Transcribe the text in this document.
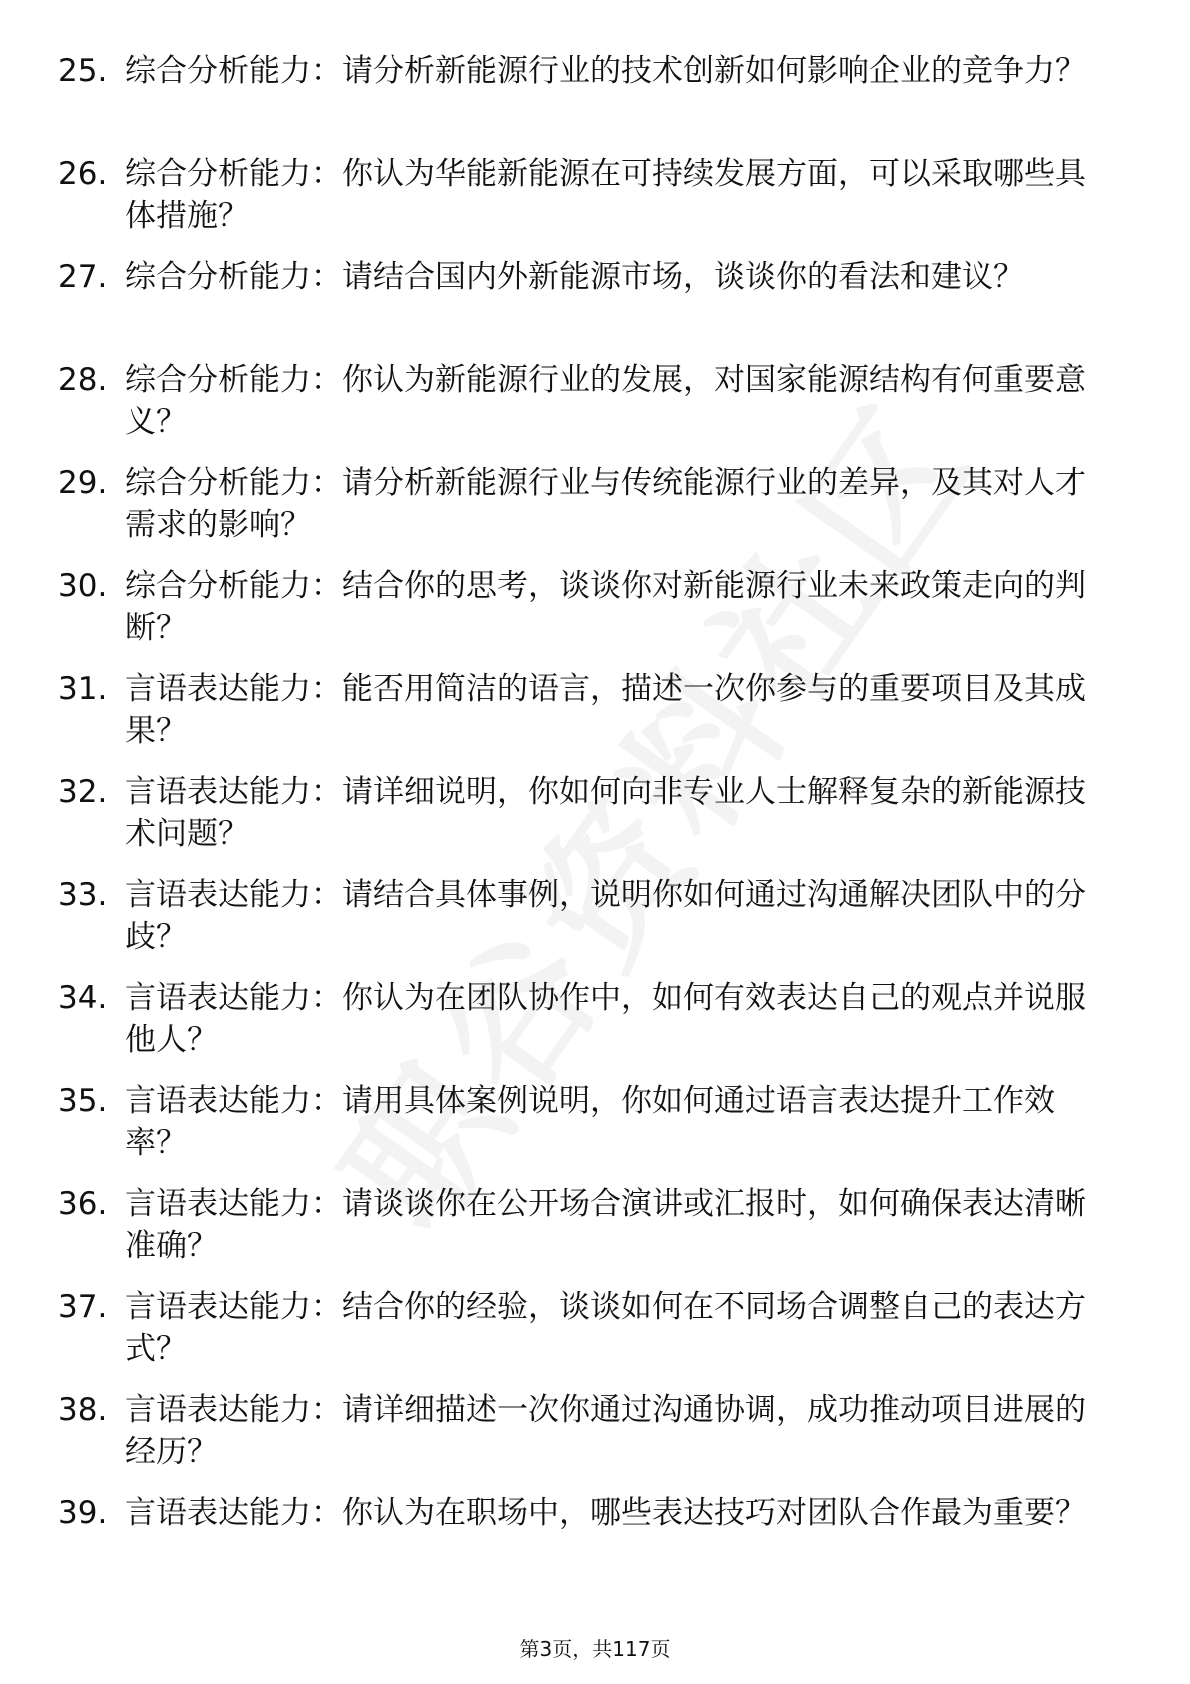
25. 综合分析能力：请分析新能源行业的技术创新如何影响企业的竞争力？
26. 综合分析能力：你认为华能新能源在可持续发展方面，可以采取哪些具体措施？
27. 综合分析能力：请结合国内外新能源市场，谈谈你的看法和建议？
28. 综合分析能力：你认为新能源行业的发展，对国家能源结构有何重要意义？
29. 综合分析能力：请分析新能源行业与传统能源行业的差异，及其对人才需求的影响？
30. 综合分析能力：结合你的思考，谈谈你对新能源行业未来政策走向的判断？
31. 言语表达能力：能否用简洁的语言，描述一次你参与的重要项目及其成果？
32. 言语表达能力：请详细说明，你如何向非专业人士解释复杂的新能源技术问题？
33. 言语表达能力：请结合具体事例，说明你如何通过沟通解决团队中的分歧？
34. 言语表达能力：你认为在团队协作中，如何有效表达自己的观点并说服他人？
35. 言语表达能力：请用具体案例说明，你如何通过语言表达提升工作效率？
36. 言语表达能力：请谈谈你在公开场合演讲或汇报时，如何确保表达清晰准确？
37. 言语表达能力：结合你的经验，谈谈如何在不同场合调整自己的表达方式？
38. 言语表达能力：请详细描述一次你通过沟通协调，成功推动项目进展的经历？
39. 言语表达能力：你认为在职场中，哪些表达技巧对团队合作最为重要？
第3页，共117页
